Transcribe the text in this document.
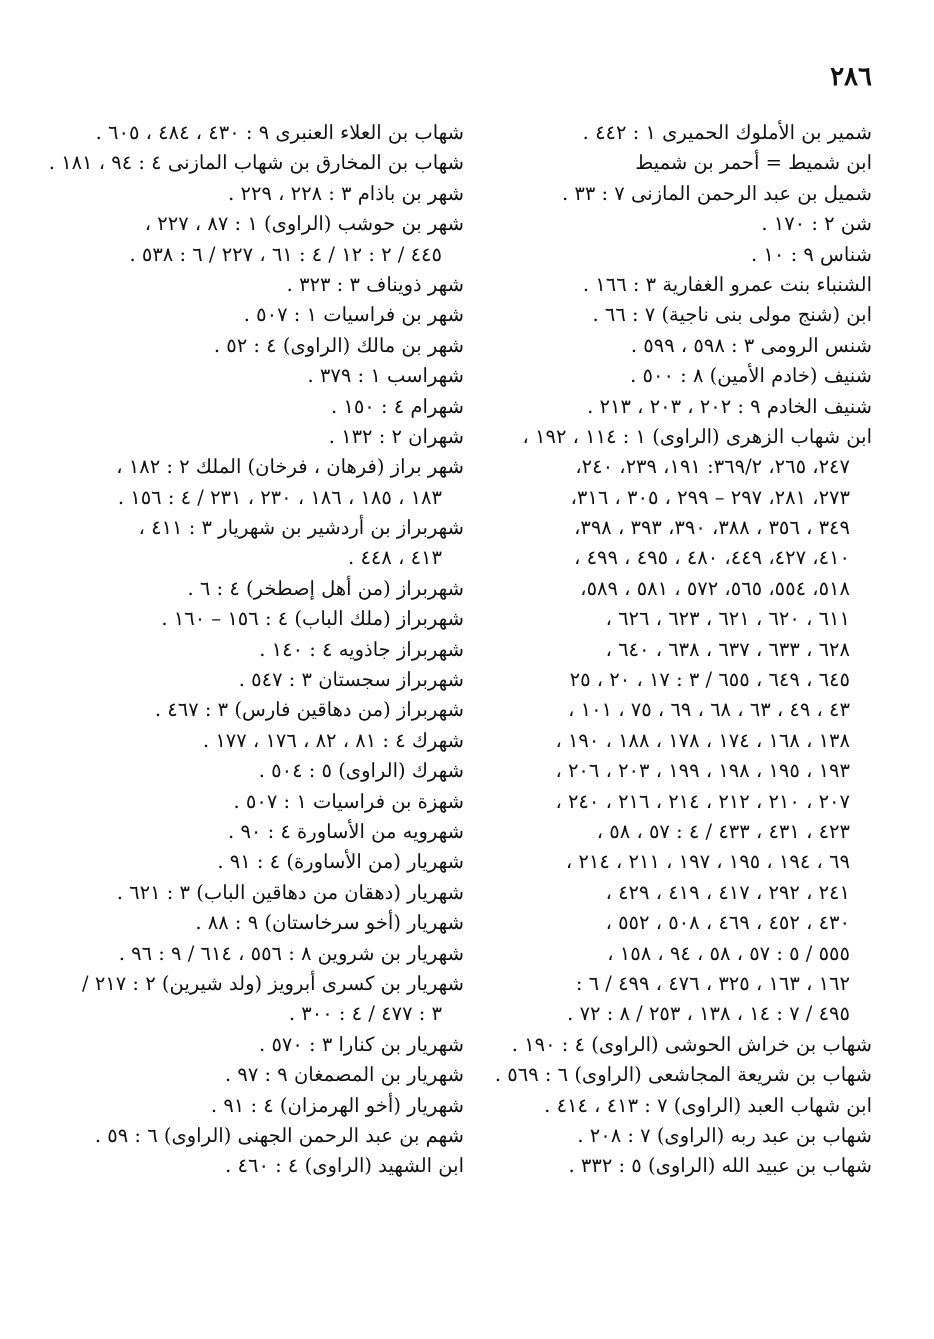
٢٨٦
شمير بن الأملوك الحميرى ١ : ٤٤٢ .
ابن شميط = أحمر بن شميط
شميل بن عبد الرحمن المازنى ٧ : ٣٣ .
شن ٢ : ١٧٠ .
شناس ٩ : ١٠ .
الشنباء بنت عمرو الغفارية ٣ : ١٦٦ .
ابن (شنج مولى بنى ناجية) ٧ : ٦٦ .
شنس الرومى ٣ : ٥٩٨ ، ٥٩٩ .
شنيف (خادم الأمين) ٨ : ٥٠٠ .
شنيف الخادم ٩ : ٢٠٢ ، ٢٠٣ ، ٢١٣ .
ابن شهاب الزهرى (الراوى) ١ : ١١٤ ، ١٩٢ ،
٢٤٧، ٢٦٥، ٣٦٩/٢: ١٩١، ٢٣٩، ٢٤٠،
٢٧٣، ٢٨١، ٢٩٧ – ٢٩٩ ، ٣٠٥ ، ٣١٦،
٣٤٩ ، ٣٥٦ ، ٣٨٨، ٣٩٠، ٣٩٣ ، ٣٩٨،
٤١٠، ٤٢٧، ٤٤٩، ٤٨٠ ، ٤٩٥ ، ٤٩٩ ،
٥١٨، ٥٥٤، ٥٦٥، ٥٧٢ ، ٥٨١ ، ٥٨٩،
٦١١ ، ٦٢٠ ، ٦٢١ ، ٦٢٣ ، ٦٢٦ ،
٦٢٨ ، ٦٣٣ ، ٦٣٧ ، ٦٣٨ ، ٦٤٠ ،
٦٤٥ ، ٦٤٩ ، ٦٥٥ / ٣ : ١٧ ، ٢٠ ، ٢٥
٤٣ ، ٤٩ ، ٦٣ ، ٦٨ ، ٦٩ ، ٧٥ ، ١٠١ ،
١٣٨ ، ١٦٨ ، ١٧٤ ، ١٧٨ ، ١٨٨ ، ١٩٠ ،
١٩٣ ، ١٩٥ ، ١٩٨ ، ١٩٩ ، ٢٠٣ ، ٢٠٦ ،
٢٠٧ ، ٢١٠ ، ٢١٢ ، ٢١٤ ، ٢١٦ ، ٢٤٠ ،
٤٢٣ ، ٤٣١ ، ٤٣٣ / ٤ : ٥٧ ، ٥٨ ،
٦٩ ، ١٩٤ ، ١٩٥ ، ١٩٧ ، ٢١١ ، ٢١٤ ،
٢٤١ ، ٢٩٢ ، ٤١٧ ، ٤١٩ ، ٤٢٩ ،
٤٣٠ ، ٤٥٢ ، ٤٦٩ ، ٥٠٨ ، ٥٥٢ ،
٥٥٥ / ٥ : ٥٧ ، ٥٨ ، ٩٤ ، ١٥٨ ،
١٦٢ ، ١٦٣ ، ٣٢٥ ، ٤٧٦ ، ٤٩٩ / ٦ :
٤٩٥ / ٧ : ١٤ ، ١٣٨ ، ٢٥٣ / ٨ : ٧٢ .
شهاب بن خراش الحوشى (الراوى) ٤ : ١٩٠ .
شهاب بن شريعة المجاشعى (الراوى) ٦ : ٥٦٩ .
ابن شهاب العبد (الراوى) ٧ : ٤١٣ ، ٤١٤ .
شهاب بن عبد ربه (الراوى) ٧ : ٢٠٨ .
شهاب بن عبيد الله (الراوى) ٥ : ٣٣٢ .
شهاب بن العلاء العنبرى ٩ : ٤٣٠ ، ٤٨٤ ، ٦٠٥ .
شهاب بن المخارق بن شهاب المازنى ٤ : ٩٤ ، ١٨١ .
شهر بن باذام ٣ : ٢٢٨ ، ٢٢٩ .
شهر بن حوشب (الراوى) ١ : ٨٧ ، ٢٢٧ ،
٤٤٥ / ٢ : ١٢ / ٤ : ٦١ ، ٢٢٧ / ٦ : ٥٣٨ .
شهر ذويناف ٣ : ٣٢٣ .
شهر بن فراسيات ١ : ٥٠٧ .
شهر بن مالك (الراوى) ٤ : ٥٢ .
شهراسب ١ : ٣٧٩ .
شهرام ٤ : ١٥٠ .
شهران ٢ : ١٣٢ .
شهر براز (فرهان ، فرخان) الملك ٢ : ١٨٢ ،
١٨٣ ، ١٨٥ ، ١٨٦ ، ٢٣٠ ، ٢٣١ / ٤ : ١٥٦ .
شهربراز بن أردشير بن شهريار ٣ : ٤١١ ،
٤١٣ ، ٤٤٨ .
شهربراز (من أهل إصطخر) ٤ : ٦ .
شهربراز (ملك الباب) ٤ : ١٥٦ – ١٦٠ .
شهربراز جاذويه ٤ : ١٤٠ .
شهربراز سجستان ٣ : ٥٤٧ .
شهربراز (من دهاقين فارس) ٣ : ٤٦٧ .
شهرك ٤ : ٨١ ، ٨٢ ، ١٧٦ ، ١٧٧ .
شهرك (الراوى) ٥ : ٥٠٤ .
شهزة بن فراسيات ١ : ٥٠٧ .
شهرويه من الأساورة ٤ : ٩٠ .
شهريار (من الأساورة) ٤ : ٩١ .
شهريار (دهقان من دهاقين الباب) ٣ : ٦٢١ .
شهريار (أخو سرخاستان) ٩ : ٨٨ .
شهريار بن شروين ٨ : ٥٥٦ ، ٦١٤ / ٩ : ٩٦ .
شهريار بن كسرى أبرويز (ولد شيرين) ٢ : ٢١٧ /
٣ : ٤٧٧ / ٤ : ٣٠٠ .
شهريار بن كنارا ٣ : ٥٧٠ .
شهريار بن المصمغان ٩ : ٩٧ .
شهريار (أخو الهرمزان) ٤ : ٩١ .
شهم بن عبد الرحمن الجهنى (الراوى) ٦ : ٥٩ .
ابن الشهيد (الراوى) ٤ : ٤٦٠ .
